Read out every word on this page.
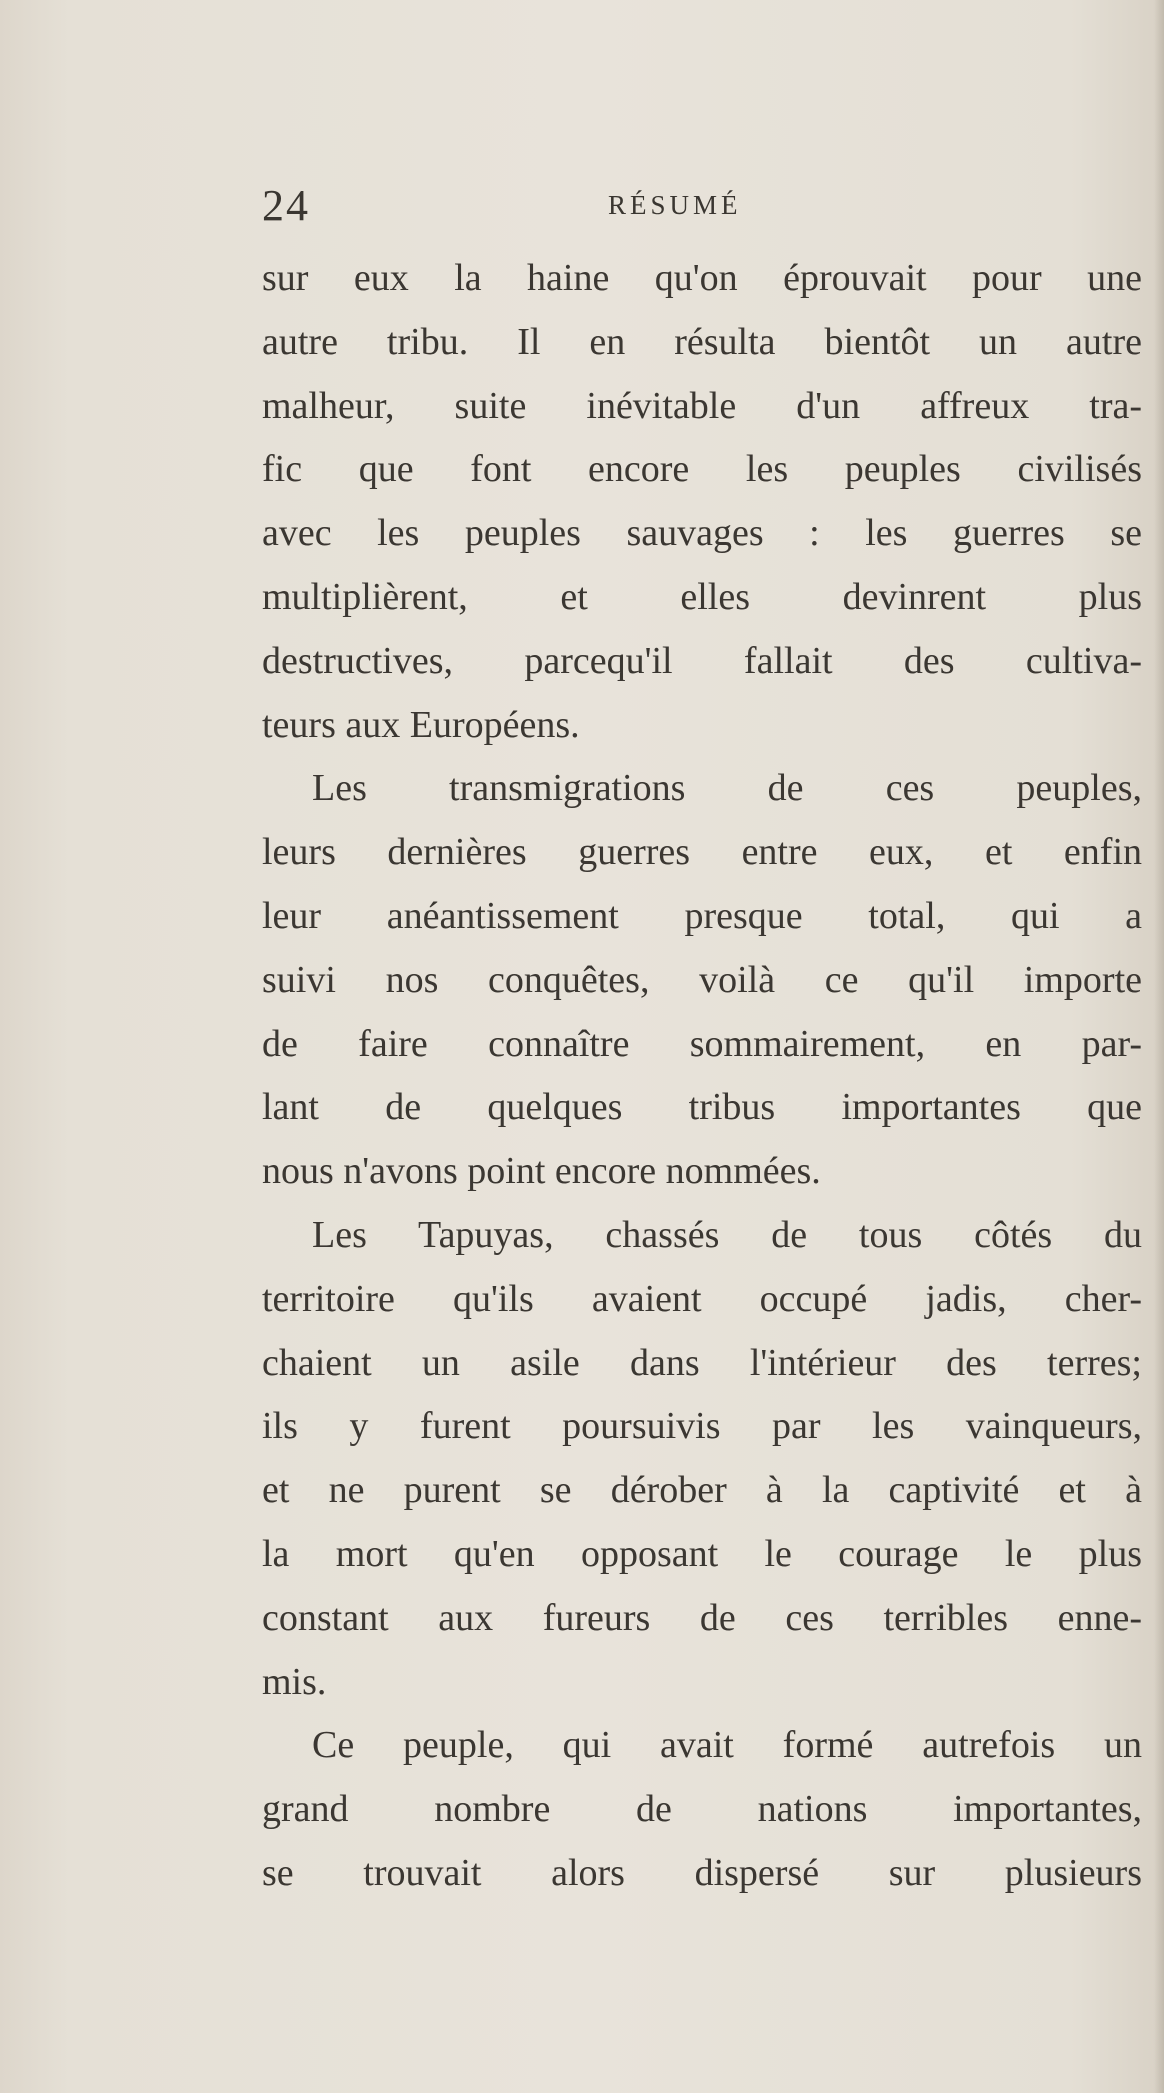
24	RÉSUMÉ
sur eux la haine qu'on éprouvait pour une
autre tribu. Il en résulta bientôt un autre
malheur, suite inévitable d'un affreux tra-
fic que font encore les peuples civilisés
avec les peuples sauvages : les guerres se
multiplièrent, et elles devinrent plus
destructives, parcequ'il fallait des cultiva-
teurs aux Européens.
Les transmigrations de ces peuples,
leurs dernières guerres entre eux, et enfin
leur anéantissement presque total, qui a
suivi nos conquêtes, voilà ce qu'il importe
de faire connaître sommairement, en par-
lant de quelques tribus importantes que
nous n'avons point encore nommées.
Les Tapuyas, chassés de tous côtés du
territoire qu'ils avaient occupé jadis, cher-
chaient un asile dans l'intérieur des terres;
ils y furent poursuivis par les vainqueurs,
et ne purent se dérober à la captivité et à
la mort qu'en opposant le courage le plus
constant aux fureurs de ces terribles enne-
mis.
Ce peuple, qui avait formé autrefois un
grand nombre de nations importantes,
se trouvait alors dispersé sur plusieurs
